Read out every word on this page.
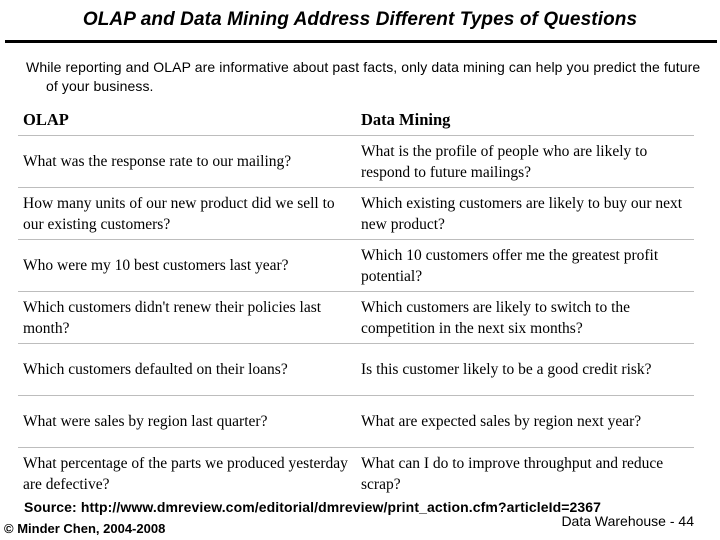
OLAP and Data Mining Address Different Types of Questions
While reporting and OLAP are informative about past facts, only data mining can help you predict the future of your business.
OLAP	Data Mining
What was the response rate to our mailing?	What is the profile of people who are likely to respond to future mailings?
How many units of our new product did we sell to our existing customers?	Which existing customers are likely to buy our next new product?
Who were my 10 best customers last year?	Which 10 customers offer me the greatest profit potential?
Which customers didn't renew their policies last month?	Which customers are likely to switch to the competition in the next six months?
Which customers defaulted on their loans?	Is this customer likely to be a good credit risk?
What were sales by region last quarter?	What are expected sales by region next year?
What percentage of the parts we produced yesterday are defective?	What can I do to improve throughput and reduce scrap?
Source: http://www.dmreview.com/editorial/dmreview/print_action.cfm?articleId=2367
© Minder Chen, 2004-2008	Data Warehouse - 44
